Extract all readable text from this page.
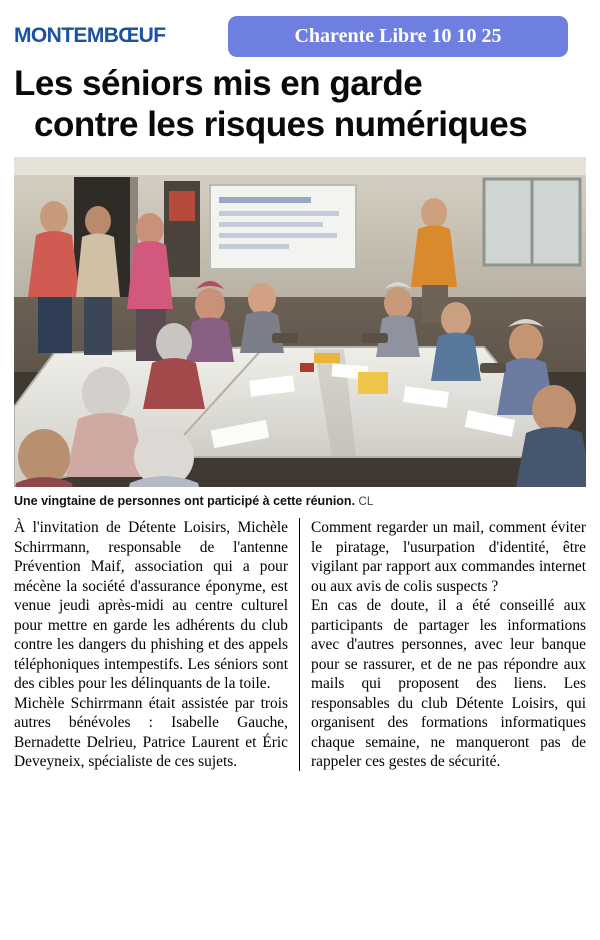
MONTEMBŒUF	Charente Libre 10 10 25
Les séniors mis en garde
contre les risques numériques
Une vingtaine de personnes ont participé à cette réunion. CL

À l'invitation de Détente Loisirs, Michèle Schirrmann, responsable de l'antenne Prévention Maif, association qui a pour mécène la société d'assurance éponyme, est venue jeudi après-midi au centre culturel pour mettre en garde les adhérents du club contre les dangers du phishing et des appels téléphoniques intempestifs. Les séniors sont des cibles pour les délinquants de la toile.

Michèle Schirrmann était assistée par trois autres bénévoles : Isabelle Gauche, Bernadette Delrieu, Patrice Laurent et Éric Deveyneix, spécialiste de ces sujets.

Comment regarder un mail, comment éviter le piratage, l'usurpation d'identité, être vigilant par rapport aux commandes internet ou aux avis de colis suspects ?

En cas de doute, il a été conseillé aux participants de partager les informations avec d'autres personnes, avec leur banque pour se rassurer, et de ne pas répondre aux mails qui proposent des liens. Les responsables du club Détente Loisirs, qui organisent des formations informatiques chaque semaine, ne manqueront pas de rappeler ces gestes de sécurité.
